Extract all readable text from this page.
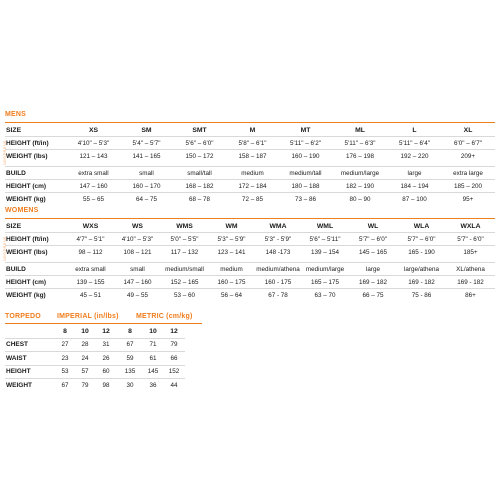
MENS
NEOPRENE
SIZE	XS	SM	SMT	M	MT	ML	L	XL
HEIGHT (ft/in)	4'10" – 5'3"	5'4" – 5'7"	5'6" – 6'0"	5'8" – 6'1"	5'11" – 6'2"	5'11" – 6'3"	5'11" – 6'4"	6'0" – 6'7"
WEIGHT (lbs)	121 – 143	141 – 165	150 – 172	158 – 187	160 – 190	176 – 198	192 – 220	209+

BUILD	extra small	small	small/tall	medium	medium/tall	medium/large	large	extra large
HEIGHT (cm)	147 – 160	160 – 170	168 – 182	172 – 184	180 – 188	182 – 190	184 – 194	185 – 200
WEIGHT (kg)	55 – 65	64 – 75	68 – 78	72 – 85	73 – 86	80 – 90	87 – 100	95+
WOMENS
NEOPRENE
SIZE	WXS	WS	WMS	WM	WMA	WML	WL	WLA	WXLA
HEIGHT (ft/in)	4'7" – 5'1"	4'10" – 5'3"	5'0" – 5'5"	5'3" – 5'9"	5'3" - 5'9"	5'6" – 5'11"	5'7" – 6'0"	5'7" – 6'0"	5'7" - 6'0"
WEIGHT (lbs)	98 – 112	108 – 121	117 – 132	123 – 141	148 -173	139 – 154	145 – 165	165 - 190	185+

BUILD	extra small	small	medium/small	medium	medium/athena	medium/large	large	large/athena	XL/athena
HEIGHT (cm)	139 – 155	147 – 160	152 – 165	160 – 175	160 - 175	165 – 175	169 – 182	169 - 182	169 - 182
WEIGHT (kg)	45 – 51	49 – 55	53 – 60	56 – 64	67 - 78	63 – 70	66 – 75	75 - 86	86+
TORPEDO IMPERIAL (in/lbs) METRIC (cm/kg)
	8	10	12	8	10	12
CHEST	27	28	31	67	71	79
WAIST	23	24	26	59	61	66
HEIGHT	53	57	60	135	145	152
WEIGHT	67	79	98	30	36	44
